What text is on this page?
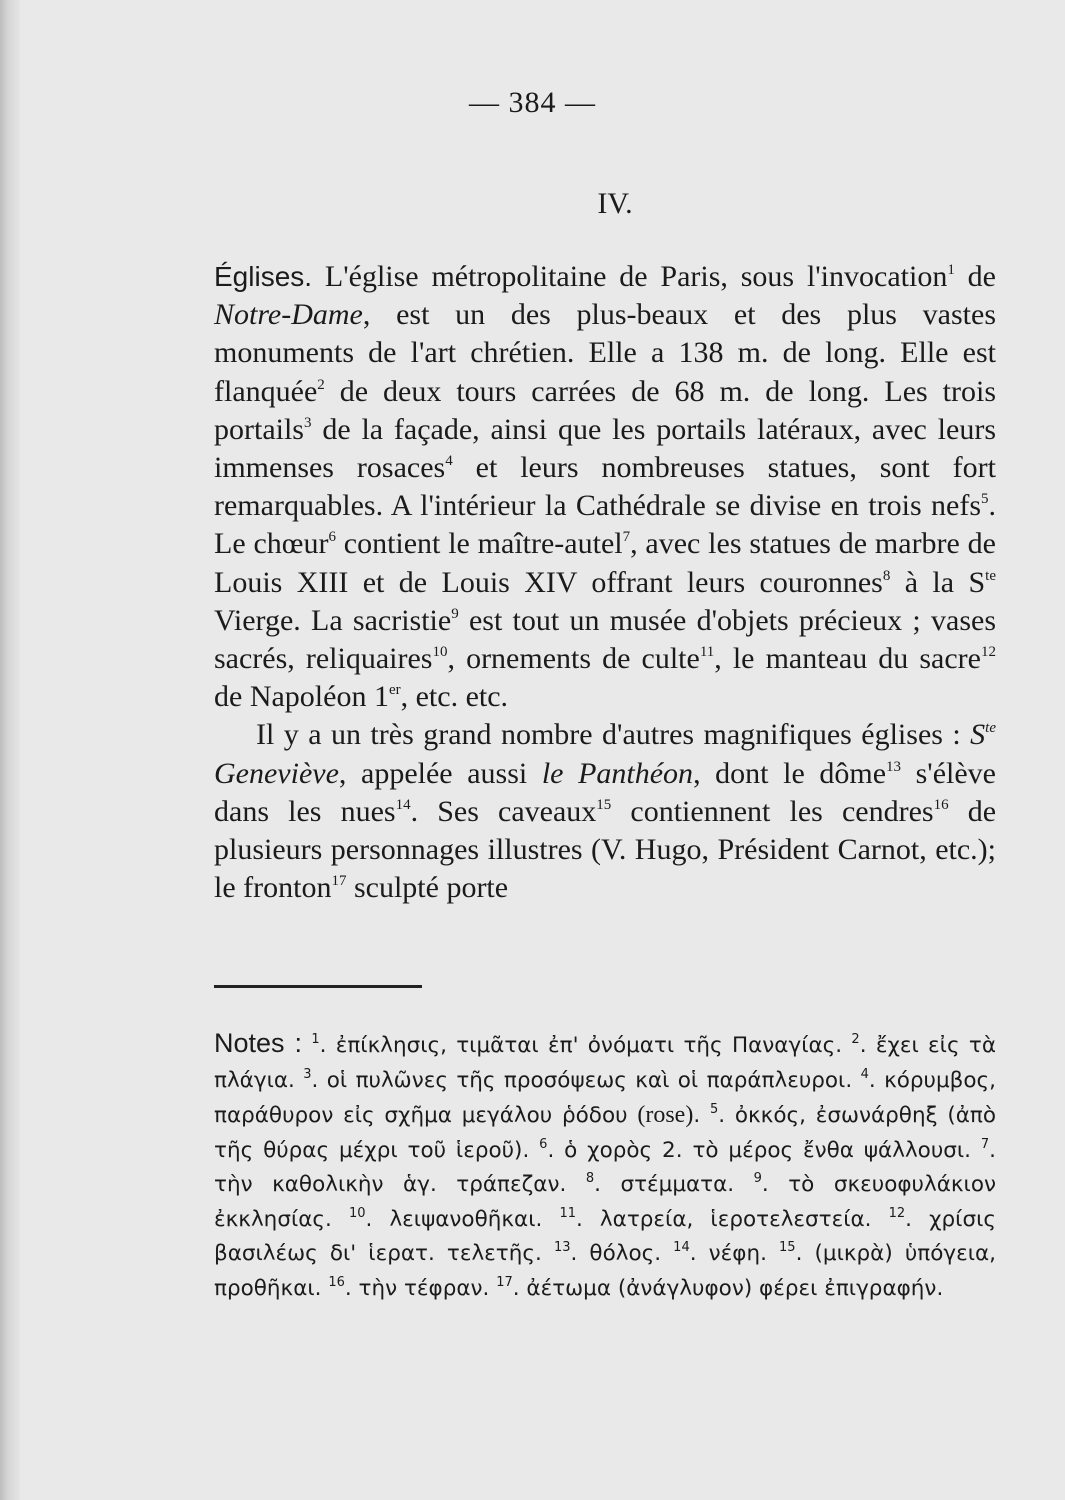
— 384 —
IV.

Églises. L'église métropolitaine de Paris, sous l'invocation$^1$ de Notre-Dame, est un des plus-beaux et des plus vastes monuments de l'art chrétien. Elle a 138 m. de long. Elle est flanquée$^2$ de deux tours carrées de 68 m. de long. Les trois portails$^3$ de la façade, ainsi que les portails latéraux, avec leurs immenses rosaces$^4$ et leurs nombreuses statues, sont fort remarquables. A l'intérieur la Cathédrale se divise en trois nefs$^5$. Le chœur$^6$ contient le maître-autel$^7$, avec les statues de marbre de Louis XIII et de Louis XIV offrant leurs couronnes$^8$ à la $S^{te}$ Vierge. La sacristie$^9$ est tout un musée d'objets précieux ; vases sacrés, reliquaires$^{10}$, ornements de culte$^{11}$, le manteau du sacre$^{12}$ de Napoléon 1er, etc. etc.

Il y a un très grand nombre d'autres magnifiques églises : $S^{te}$ Geneviève, appelée aussi le Panthéon, dont le dôme$^{13}$ s'élève dans les nues$^{14}$. Ses caveaux$^{15}$ contiennent les cendres$^{16}$ de plusieurs personnages illustres (V. Hugo, Président Carnot, etc.); le fronton$^{17}$ sculpté porte

Notes : $^1$. ἐπίκλησις, τιμᾶται ἐπ' ὀνόματι τῆς Παναγίας. $^2$. ἔχει εἰς τὰ πλάγια. $^3$. οἱ πυλῶνες τῆς προσόψεως καὶ οἱ παράπλευροι. $^4$. κόρυμβος, παράθυρον εἰς σχῆμα μεγάλου ῥόδου (rose). $^5$. ὀκκός, ἐσωνάρθηξ (ἀπὸ τῆς θύρας μέχρι τοῦ ἱεροῦ). $^6$. ὁ χορὸς 2. τὸ μέρος ἔνθα ψάλλουσι. $^7$. τὴν καθολικὴν ἁγ. τράπεζαν. $^8$. στέμματα. $^9$. τὸ σκευοφυλάκιον ἐκκλησίας. $^{10}$. λειψανοθῆκαι. $^{11}$. λατρεία, ἱεροτελεστεία. $^{12}$. χρίσις βασιλέως δι' ἱερατ. τελετῆς. $^{13}$. θόλος. $^{14}$. νέφη. $^{15}$. (μικρὰ) ὑπόγεια, προθῆκαι. $^{16}$. τὴν τέφραν. $^{17}$. ἀέτωμα (ἀνάγλυφον) φέρει ἐπιγραφήν.
